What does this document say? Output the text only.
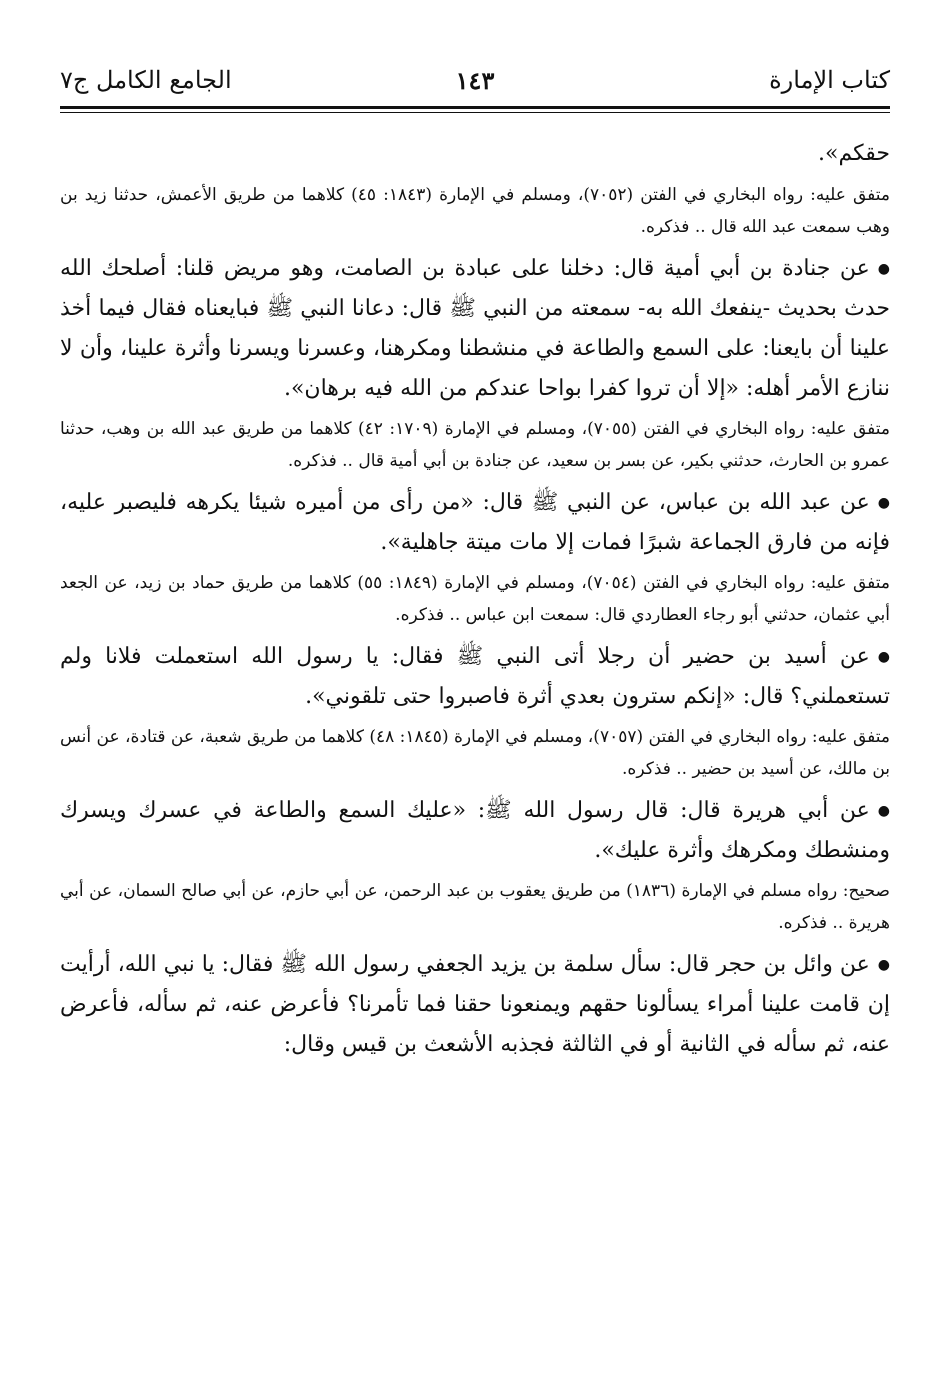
كتاب الإمارة
١٤٣
الجامع الكامل ج٧

حقكم».

متفق عليه: رواه البخاري في الفتن (٧٠٥٢)، ومسلم في الإمارة (١٨٤٣: ٤٥) كلاهما من طريق الأعمش، حدثنا زيد بن وهب سمعت عبد الله قال .. فذكره.

●عن جنادة بن أبي أمية قال: دخلنا على عبادة بن الصامت، وهو مريض قلنا: أصلحك الله حدث بحديث -ينفعك الله به- سمعته من النبي ﷺ قال: دعانا النبي ﷺ فبايعناه فقال فيما أخذ علينا أن بايعنا: على السمع والطاعة في منشطنا ومكرهنا، وعسرنا ويسرنا وأثرة علينا، وأن لا ننازع الأمر أهله: «إلا أن تروا كفرا بواحا عندكم من الله فيه برهان».

متفق عليه: رواه البخاري في الفتن (٧٠٥٥)، ومسلم في الإمارة (١٧٠٩: ٤٢) كلاهما من طريق عبد الله بن وهب، حدثنا عمرو بن الحارث، حدثني بكير، عن بسر بن سعيد، عن جنادة بن أبي أمية قال .. فذكره.

●عن عبد الله بن عباس، عن النبي ﷺ قال: «من رأى من أميره شيئا يكرهه فليصبر عليه، فإنه من فارق الجماعة شبرًا فمات إلا مات ميتة جاهلية».

متفق عليه: رواه البخاري في الفتن (٧٠٥٤)، ومسلم في الإمارة (١٨٤٩: ٥٥) كلاهما من طريق حماد بن زيد، عن الجعد أبي عثمان، حدثني أبو رجاء العطاردي قال: سمعت ابن عباس .. فذكره.

●عن أسيد بن حضير أن رجلا أتى النبي ﷺ فقال: يا رسول الله استعملت فلانا ولم تستعملني؟ قال: «إنكم سترون بعدي أثرة فاصبروا حتى تلقوني».

متفق عليه: رواه البخاري في الفتن (٧٠٥٧)، ومسلم في الإمارة (١٨٤٥: ٤٨) كلاهما من طريق شعبة، عن قتادة، عن أنس بن مالك، عن أسيد بن حضير .. فذكره.

●عن أبي هريرة قال: قال رسول الله ﷺ: «عليك السمع والطاعة في عسرك ويسرك ومنشطك ومكرهك وأثرة عليك».

صحيح: رواه مسلم في الإمارة (١٨٣٦) من طريق يعقوب بن عبد الرحمن، عن أبي حازم، عن أبي صالح السمان، عن أبي هريرة .. فذكره.

●عن وائل بن حجر قال: سأل سلمة بن يزيد الجعفي رسول الله ﷺ فقال: يا نبي الله، أرأيت إن قامت علينا أمراء يسألونا حقهم ويمنعونا حقنا فما تأمرنا؟ فأعرض عنه، ثم سأله، فأعرض عنه، ثم سأله في الثانية أو في الثالثة فجذبه الأشعث بن قيس وقال:
